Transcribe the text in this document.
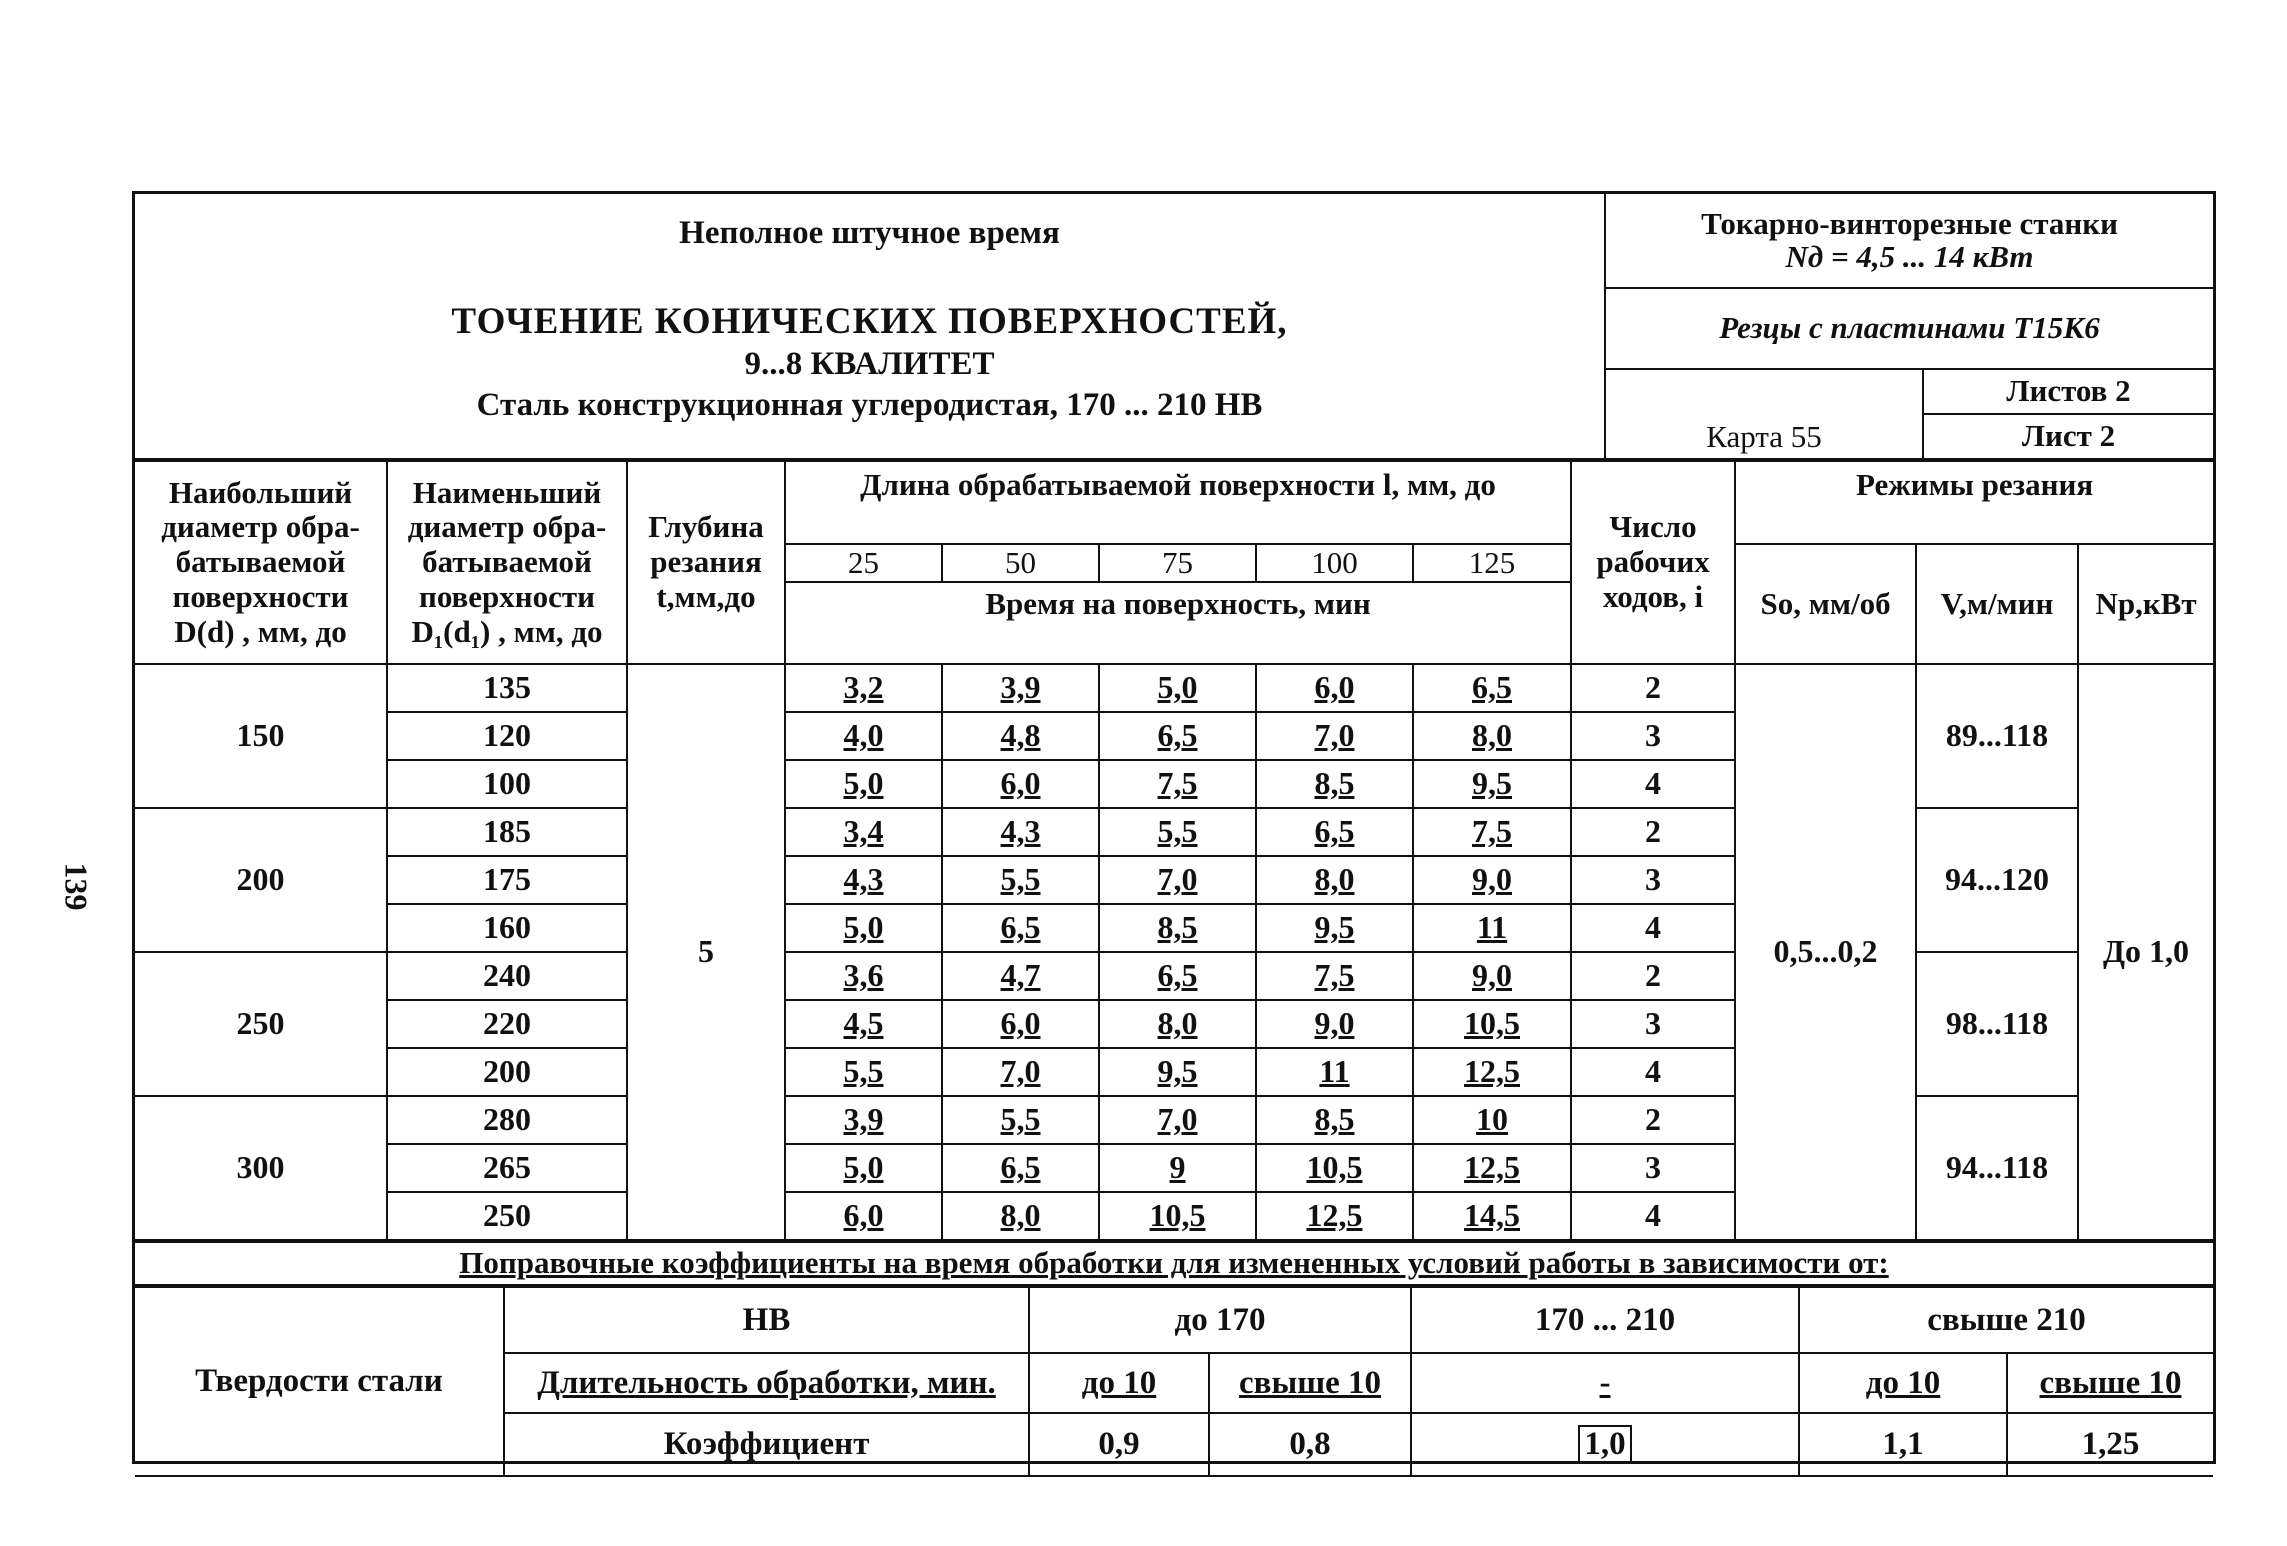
139
Неполное штучное время
ТОЧЕНИЕ КОНИЧЕСКИХ ПОВЕРХНОСТЕЙ,
9...8 КВАЛИТЕТ
Сталь конструкционная углеродистая, 170 ... 210 НВ

Токарно-винторезные станки
Nд = 4,5 ... 14 кВт
Резцы с пластинами Т15К6
Карта 55
Листов 2
Лист 2
Наибольший
диаметр обра-
батываемой
поверхности
D(d) , мм, до	Наименьший
диаметр обра-
батываемой
поверхности
D₁(d₁) , мм, до	Глубина
резания
t,мм,до	Длина обрабатываемой поверхности l, мм, до					Число
рабочих
ходов, i	Режимы резания		
			25	50	75	100	125		So, мм/об	V,м/мин	Np,кВт
			Время на поверхность, мин								
150	135	5	3,2	3,9	5,0	6,0	6,5	2	0,5...0,2	89...118	До 1,0
	120		4,0	4,8	6,5	7,0	8,0	3			
	100		5,0	6,0	7,5	8,5	9,5	4			
200	185		3,4	4,3	5,5	6,5	7,5	2		94...120	
	175		4,3	5,5	7,0	8,0	9,0	3			
	160		5,0	6,5	8,5	9,5	11	4			
250	240		3,6	4,7	6,5	7,5	9,0	2		98...118	
	220		4,5	6,0	8,0	9,0	10,5	3			
	200		5,5	7,0	9,5	11	12,5	4			
300	280		3,9	5,5	7,0	8,5	10	2		94...118	
	265		5,0	6,5	9	10,5	12,5	3			
	250		6,0	8,0	10,5	12,5	14,5	4			
Поправочные коэффициенты на время обработки для измененных условий работы в зависимости от:
Твердости стали	НВ	до 170		170 ... 210	свыше 210	
	Длительность обработки, мин.	до 10	свыше 10	-	до 10	свыше 10
	Коэффициент	0,9	0,8	1,0	1,1	1,25
